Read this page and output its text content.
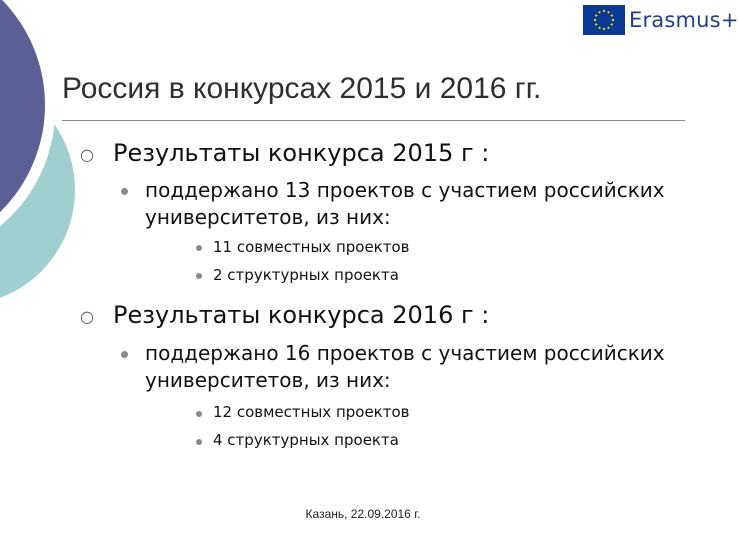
Erasmus+
Россия в конкурсах 2015 и 2016 гг.
○ Результаты конкурса 2015 г :
поддержано 13 проектов с участием российских университетов, из них:
11 совместных проектов
2 структурных проекта
○ Результаты конкурса 2016 г :
поддержано 16 проектов с участием российских университетов, из них:
12 совместных проектов
4 структурных проекта
Казань, 22.09.2016 г.
